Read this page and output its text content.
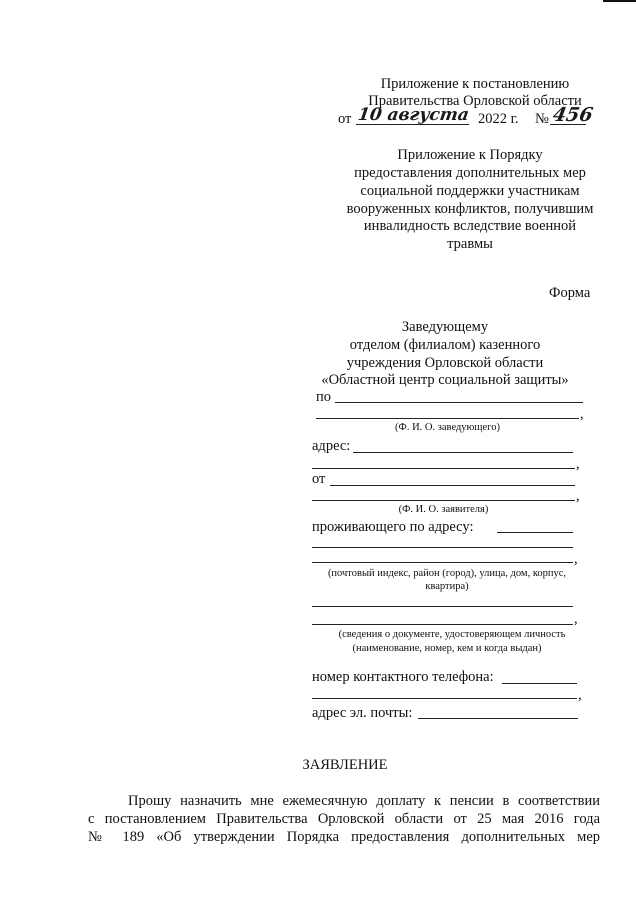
Приложение к постановлению
Правительства Орловской области
от 10 августа 2022 г. № 456
Приложение к Порядку
предоставления дополнительных мер
социальной поддержки участникам
вооруженных конфликтов, получившим
инвалидность вследствие военной
травмы
Форма
Заведующему
отделом (филиалом) казенного
учреждения Орловской области
«Областной центр социальной защиты»
по
,
(Ф. И. О. заведующего)
адрес:
,
от
,
(Ф. И. О. заявителя)
проживающего по адресу:
,
(почтовый индекс, район (город), улица, дом, корпус,
квартира)
,
(сведения о документе, удостоверяющем личность
(наименование, номер, кем и когда выдан)
номер контактного телефона:
,
адрес эл. почты:
ЗАЯВЛЕНИЕ
Прошу назначить мне ежемесячную доплату к пенсии в соответствии
с постановлением Правительства Орловской области от 25 мая 2016 года
№ 189 «Об утверждении Порядка предоставления дополнительных мер
